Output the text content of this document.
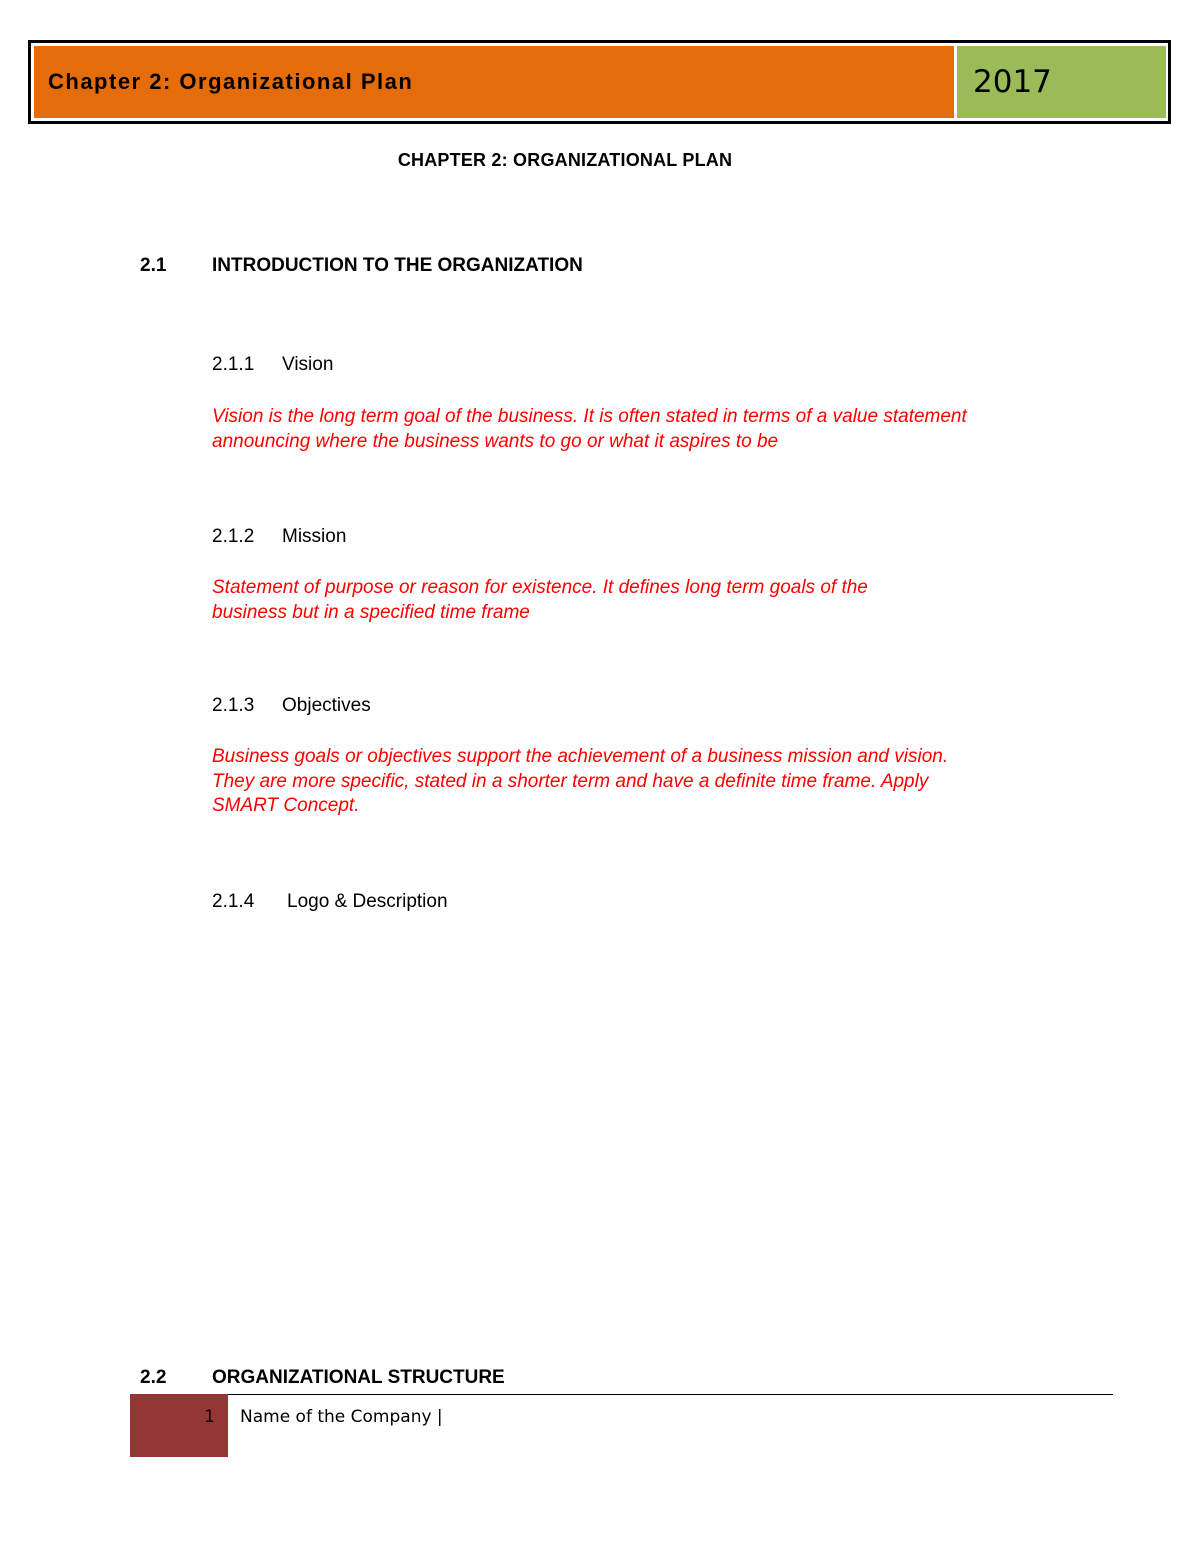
Chapter 2: Organizational Plan	2017
CHAPTER 2: ORGANIZATIONAL PLAN
2.1 INTRODUCTION TO THE ORGANIZATION
2.1.1 Vision
Vision is the long term goal of the business. It is often stated in terms of a value statement
announcing where the business wants to go or what it aspires to be
2.1.2 Mission
Statement of purpose or reason for existence. It defines long term goals of the
business but in a specified time frame
2.1.3 Objectives
Business goals or objectives support the achievement of a business mission and vision.
They are more specific, stated in a shorter term and have a definite time frame. Apply
SMART Concept.
2.1.4 Logo & Description
2.2 ORGANIZATIONAL STRUCTURE
1 Name of the Company |
